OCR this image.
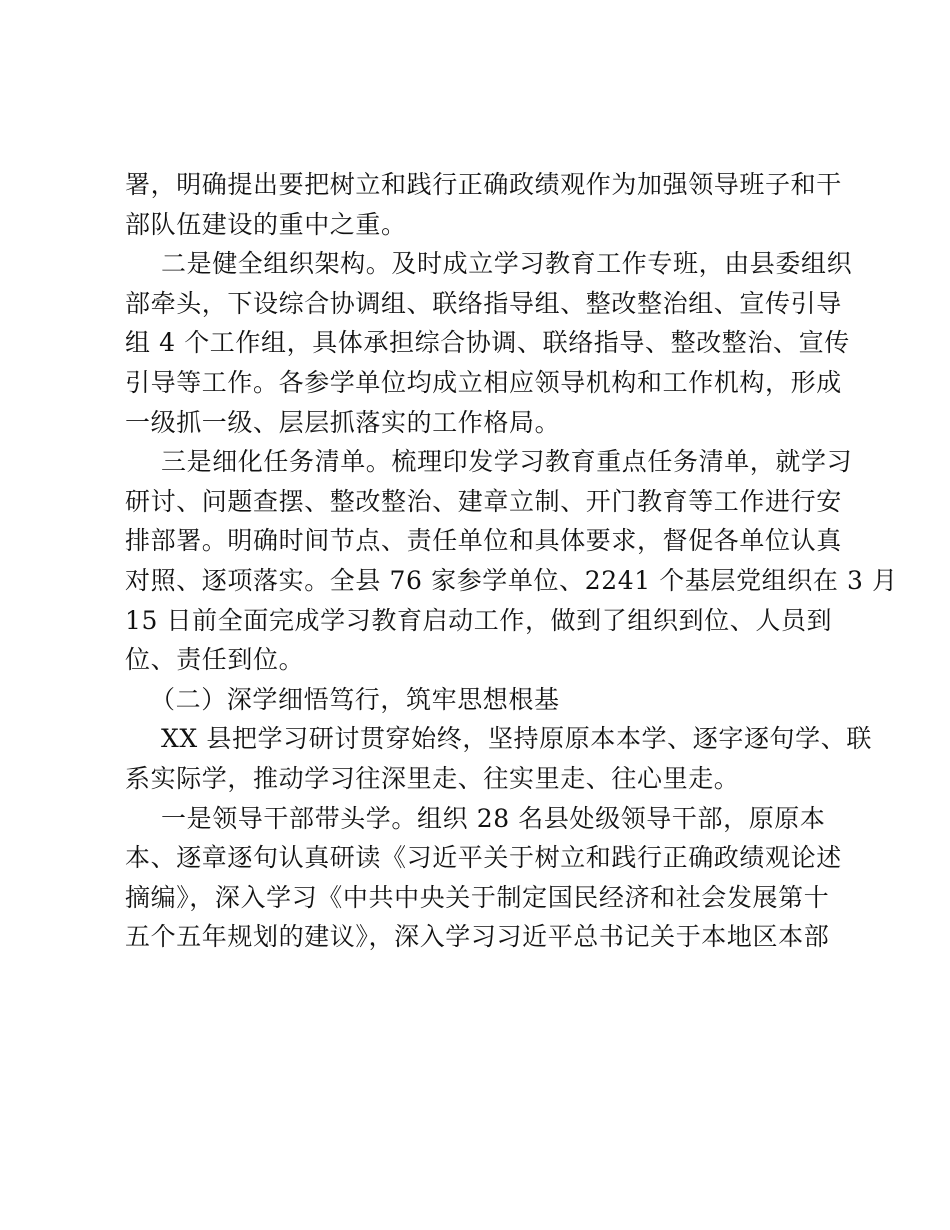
署，明确提出要把树立和践行正确政绩观作为加强领导班子和干
部队伍建设的重中之重。
二是健全组织架构。及时成立学习教育工作专班，由县委组织
部牵头，下设综合协调组、联络指导组、整改整治组、宣传引导
组 4 个工作组，具体承担综合协调、联络指导、整改整治、宣传
引导等工作。各参学单位均成立相应领导机构和工作机构，形成
一级抓一级、层层抓落实的工作格局。
三是细化任务清单。梳理印发学习教育重点任务清单，就学习
研讨、问题查摆、整改整治、建章立制、开门教育等工作进行安
排部署。明确时间节点、责任单位和具体要求，督促各单位认真
对照、逐项落实。全县 76 家参学单位、2241 个基层党组织在 3 月
15 日前全面完成学习教育启动工作，做到了组织到位、人员到
位、责任到位。
（二）深学细悟笃行，筑牢思想根基
XX 县把学习研讨贯穿始终，坚持原原本本学、逐字逐句学、联
系实际学，推动学习往深里走、往实里走、往心里走。
一是领导干部带头学。组织 28 名县处级领导干部，原原本
本、逐章逐句认真研读《习近平关于树立和践行正确政绩观论述
摘编》，深入学习《中共中央关于制定国民经济和社会发展第十
五个五年规划的建议》，深入学习习近平总书记关于本地区本部
